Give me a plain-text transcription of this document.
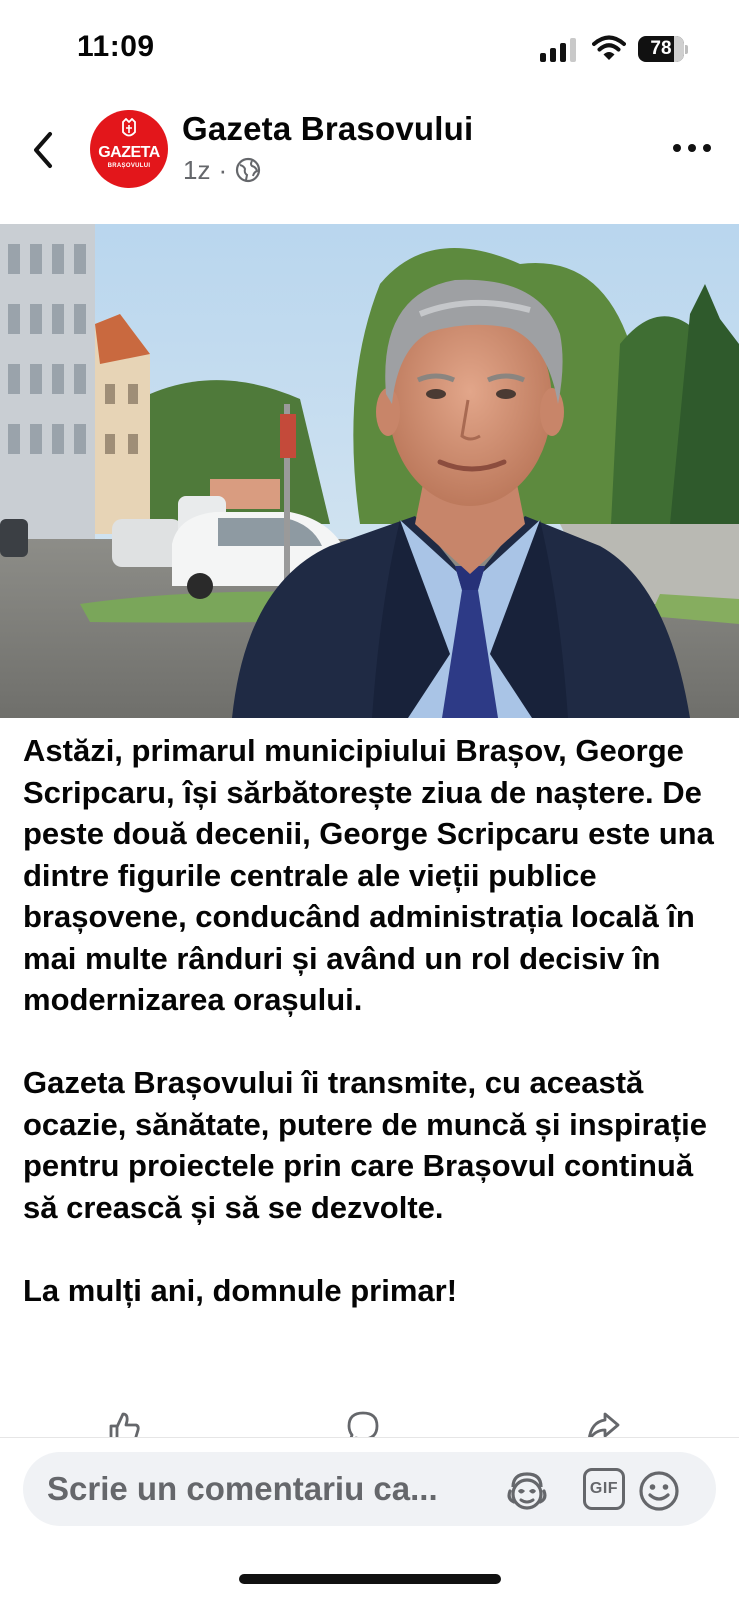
11:09	78
GAZETA
BRAȘOVULUI
Gazeta Brasovului
1z ·

Astăzi, primarul municipiului Brașov, George Scripcaru, își sărbătorește ziua de naștere. De peste două decenii, George Scripcaru este una dintre figurile centrale ale vieții publice brașovene, conducând administrația locală în mai multe rânduri și având un rol decisiv în modernizarea orașului.

Gazeta Brașovului îi transmite, cu această ocazie, sănătate, putere de muncă și inspirație pentru proiectele prin care Brașovul continuă să crească și să se dezvolte.

La mulți ani, domnule primar!

Scrie un comentariu ca...	GIF
